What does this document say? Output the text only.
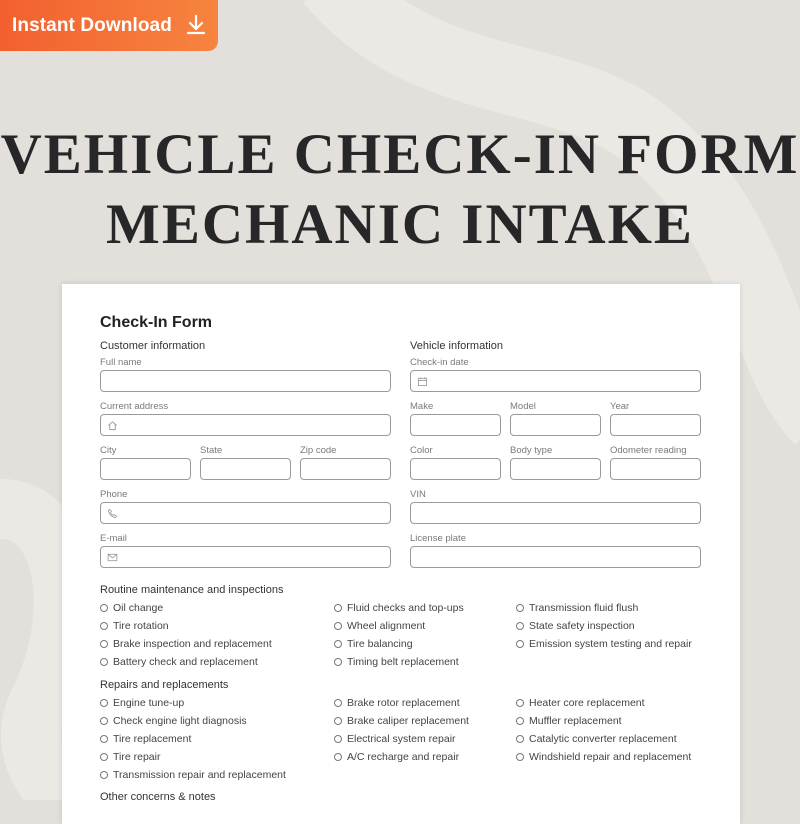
Instant Download
VEHICLE CHECK-IN FORM
MECHANIC INTAKE
Check-In Form
Customer information
Full name
Current address
City	State	Zip code
Phone
E-mail
Vehicle information
Check-in date
Make	Model	Year
Color	Body type	Odometer reading
VIN
License plate
Routine maintenance and inspections
Oil change
Tire rotation
Brake inspection and replacement
Battery check and replacement
Fluid checks and top-ups
Wheel alignment
Tire balancing
Timing belt replacement
Transmission fluid flush
State safety inspection
Emission system testing and repair
Repairs and replacements
Engine tune-up
Check engine light diagnosis
Tire replacement
Tire repair
Transmission repair and replacement
Brake rotor replacement
Brake caliper replacement
Electrical system repair
A/C recharge and repair
Heater core replacement
Muffler replacement
Catalytic converter replacement
Windshield repair and replacement
Other concerns & notes
